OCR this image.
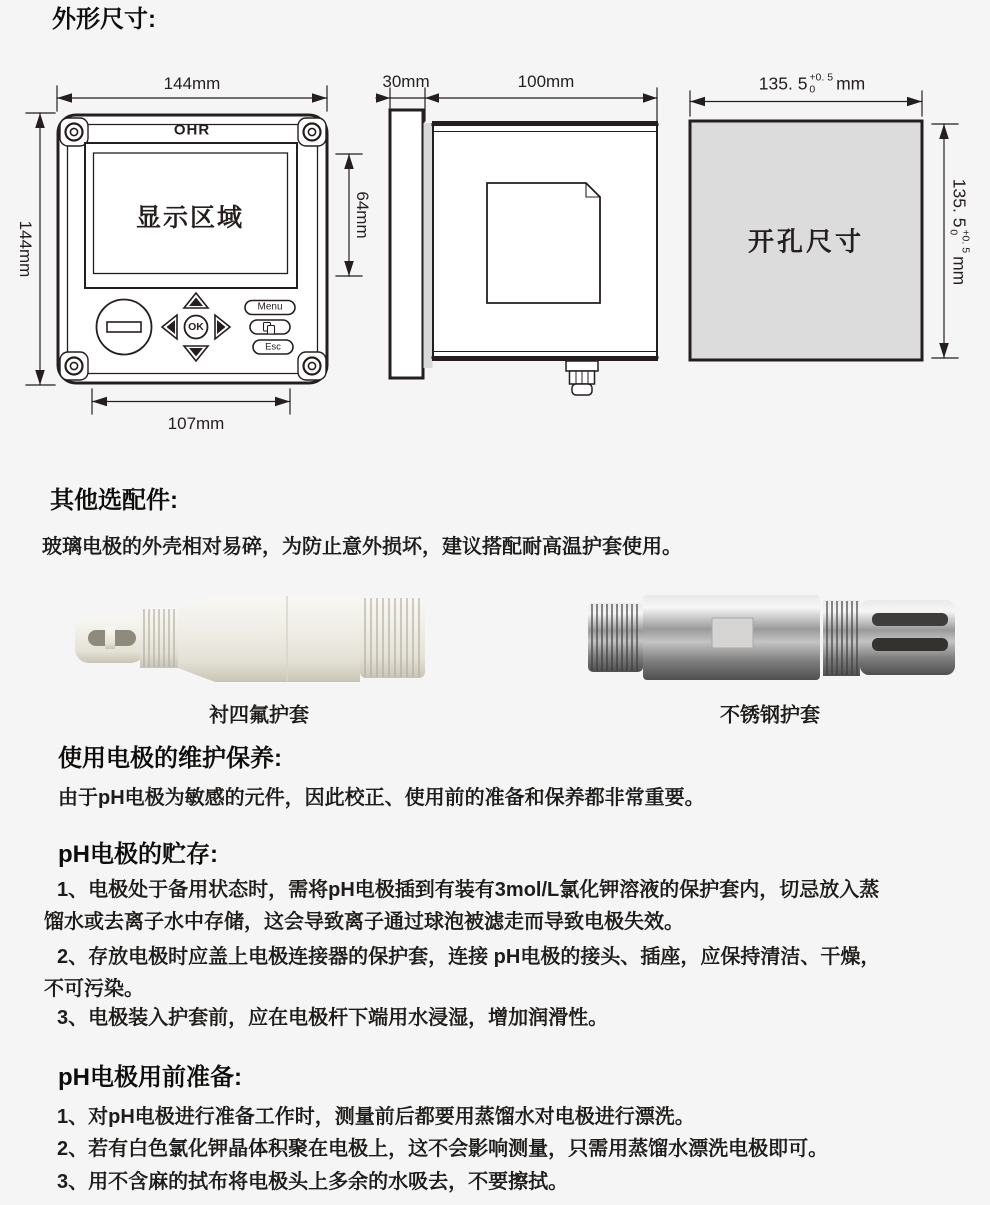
外形尺寸:
144mm
144mm
64mm
107mm
OHR
显示区域
Menu
OK
Esc
30mm	100mm
开孔尺寸
135. 5 +0. 5
0 mm
135. 5
+0. 5
0
mm
其他选配件:
玻璃电极的外壳相对易碎，为防止意外损坏，建议搭配耐高温护套使用。
衬四氟护套	不锈钢护套
使用电极的维护保养:
由于pH电极为敏感的元件，因此校正、使用前的准备和保养都非常重要。
pH电极的贮存:

1、电极处于备用状态时，需将pH电极插到有装有3mol/L氯化钾溶液的保护套内，切忌放入蒸馏水或去离子水中存储，这会导致离子通过球泡被滤走而导致电极失效。

2、存放电极时应盖上电极连接器的保护套，连接 pH电极的接头、插座，应保持清洁、干燥，不可污染。

3、电极装入护套前，应在电极杆下端用水浸湿，增加润滑性。

pH电极用前准备:

1、对pH电极进行准备工作时，测量前后都要用蒸馏水对电极进行漂洗。

2、若有白色氯化钾晶体积聚在电极上，这不会影响测量，只需用蒸馏水漂洗电极即可。

3、用不含麻的拭布将电极头上多余的水吸去，不要擦拭。
